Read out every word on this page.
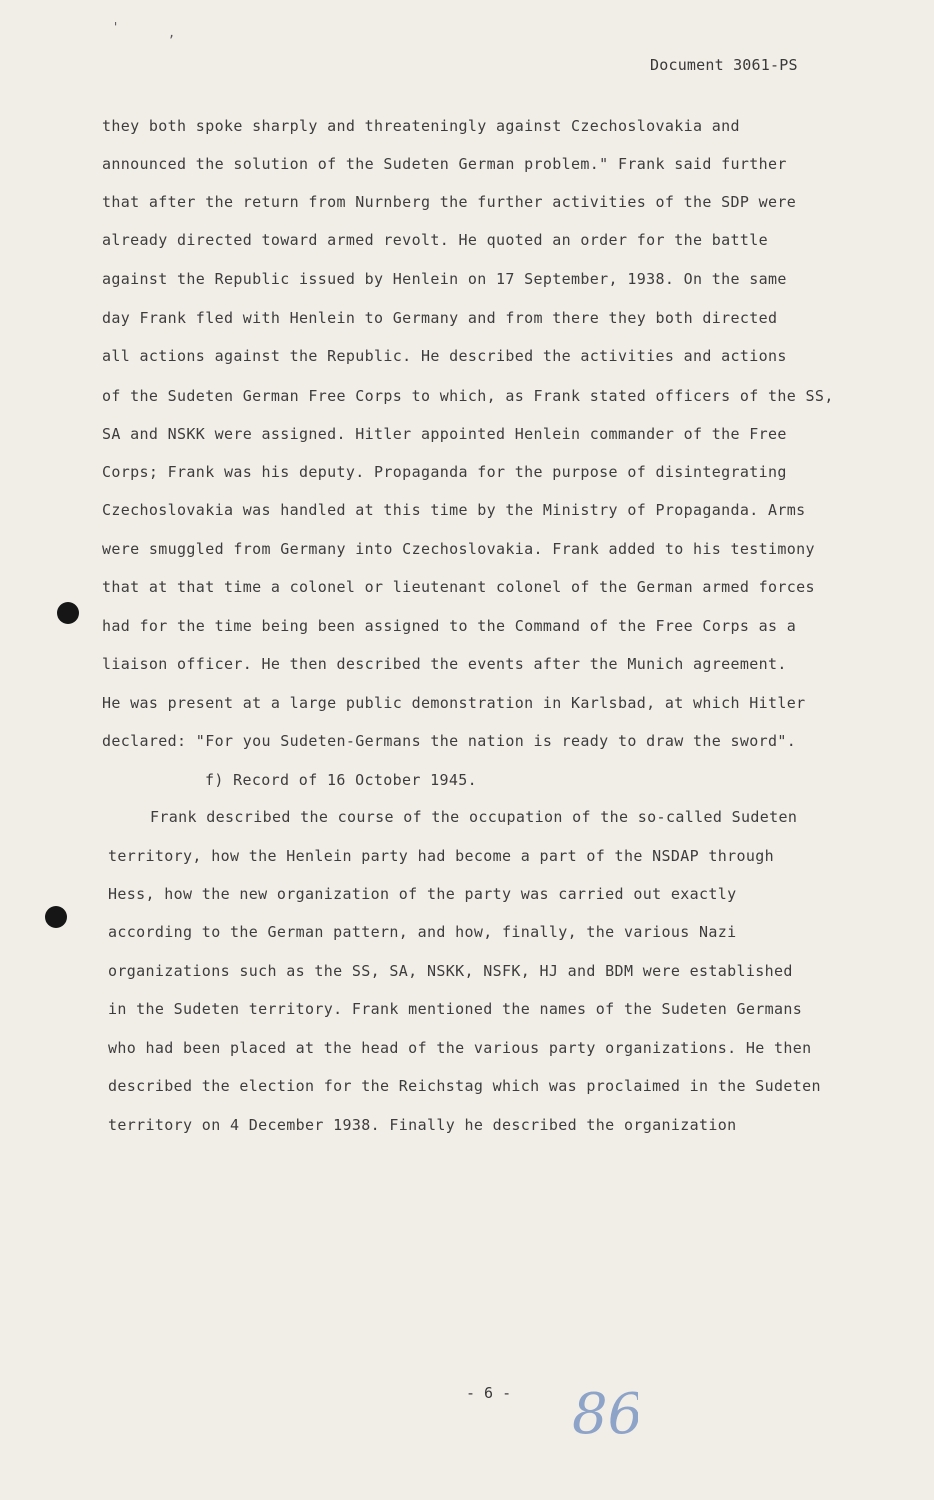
'	,
Document 3061-PS
they both spoke sharply and threateningly against Czechoslovakia and
announced the solution of the Sudeten German problem." Frank said further
that after the return from Nurnberg the further activities of the SDP were
already directed toward armed revolt. He quoted an order for the battle
against the Republic issued by Henlein on 17 September, 1938. On the same
day Frank fled with Henlein to Germany and from there they both directed
all actions against the Republic. He described the activities and actions
of the Sudeten German Free Corps to which, as Frank stated officers of the SS,
SA and NSKK were assigned. Hitler appointed Henlein commander of the Free
Corps; Frank was his deputy. Propaganda for the purpose of disintegrating
Czechoslovakia was handled at this time by the Ministry of Propaganda. Arms
were smuggled from Germany into Czechoslovakia. Frank added to his testimony
that at that time a colonel or lieutenant colonel of the German armed forces
had for the time being been assigned to the Command of the Free Corps as a
liaison officer. He then described the events after the Munich agreement.
He was present at a large public demonstration in Karlsbad, at which Hitler
declared: "For you Sudeten-Germans the nation is ready to draw the sword".
f) Record of 16 October 1945.
Frank described the course of the occupation of the so-called Sudeten
territory, how the Henlein party had become a part of the NSDAP through
Hess, how the new organization of the party was carried out exactly
according to the German pattern, and how, finally, the various Nazi
organizations such as the SS, SA, NSKK, NSFK, HJ and BDM were established
in the Sudeten territory. Frank mentioned the names of the Sudeten Germans
who had been placed at the head of the various party organizations. He then
described the election for the Reichstag which was proclaimed in the Sudeten
territory on 4 December 1938. Finally he described the organization
- 6 - 86
